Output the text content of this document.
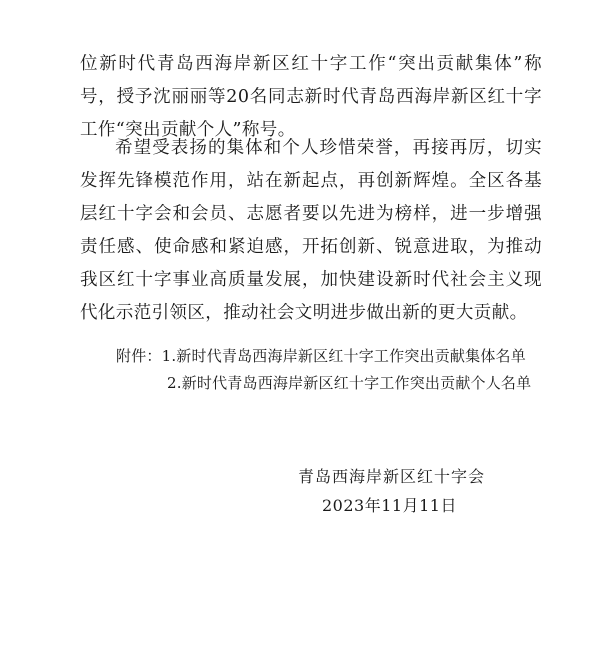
位新时代青岛西海岸新区红十字工作“突出贡献集体”称号，授予沈丽丽等20名同志新时代青岛西海岸新区红十字工作“突出贡献个人”称号。

希望受表扬的集体和个人珍惜荣誉，再接再厉，切实发挥先锋模范作用，站在新起点，再创新辉煌。全区各基层红十字会和会员、志愿者要以先进为榜样，进一步增强责任感、使命感和紧迫感，开拓创新、锐意进取，为推动我区红十字事业高质量发展，加快建设新时代社会主义现代化示范引领区，推动社会文明进步做出新的更大贡献。

附件：1.新时代青岛西海岸新区红十字工作突出贡献集体名单

2.新时代青岛西海岸新区红十字工作突出贡献个人名单

青岛西海岸新区红十字会
2023年11月11日
